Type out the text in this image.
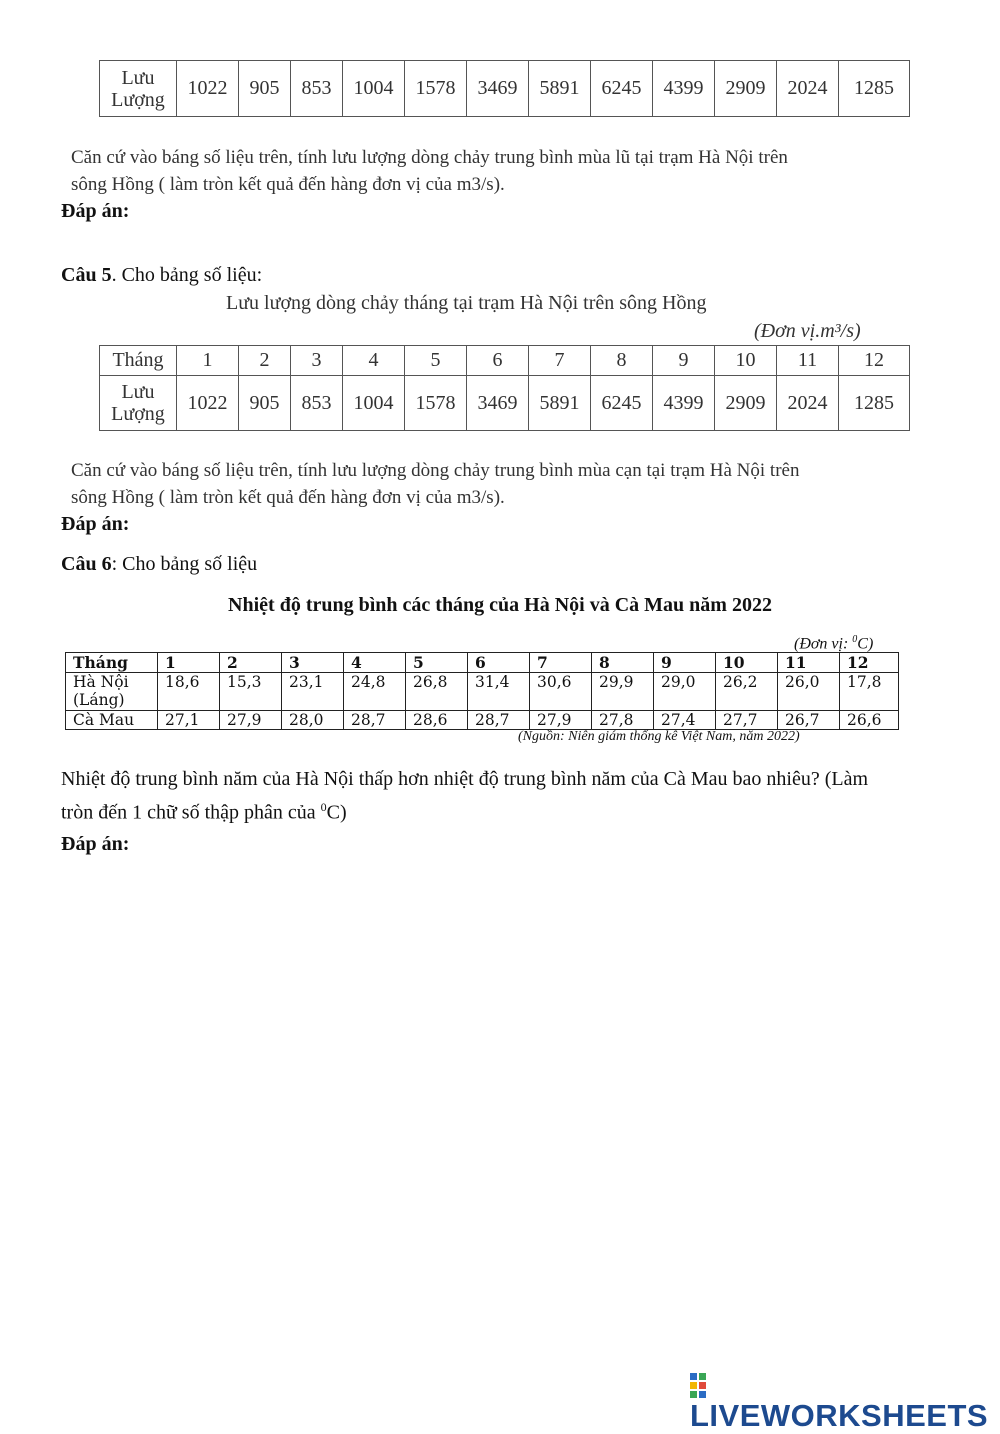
Lưu
Lượng	1022	905	853	1004	1578	3469	5891	6245	4399	2909	2024	1285
Căn cứ vào báng số liệu trên, tính lưu lượng dòng chảy trung bình mùa lũ tại trạm Hà Nội trên
sông Hồng ( làm tròn kết quả đến hàng đơn vị của m3/s).
Đáp án:
Câu 5. Cho bảng số liệu:
Lưu lượng dòng chảy tháng tại trạm Hà Nội trên sông Hồng
(Đơn vị.m³/s)
Tháng	1	2	3	4	5	6	7	8	9	10	11	12
Lưu
Lượng	1022	905	853	1004	1578	3469	5891	6245	4399	2909	2024	1285
Căn cứ vào báng số liệu trên, tính lưu lượng dòng chảy trung bình mùa cạn tại trạm Hà Nội trên
sông Hồng ( làm tròn kết quả đến hàng đơn vị của m3/s).
Đáp án:
Câu 6: Cho bảng số liệu
Nhiệt độ trung bình các tháng của Hà Nội và Cà Mau năm 2022
(Đơn vị: $^0$C)
Tháng	1	2	3	4	5	6	7	8	9	10	11	12
Hà Nội
(Láng)	18,6	15,3	23,1	24,8	26,8	31,4	30,6	29,9	29,0	26,2	26,0	17,8
Cà Mau	27,1	27,9	28,0	28,7	28,6	28,7	27,9	27,8	27,4	27,7	26,7	26,6
(Nguồn: Niên giám thống kê Việt Nam, năm 2022)
Nhiệt độ trung bình năm của Hà Nội thấp hơn nhiệt độ trung bình năm của Cà Mau bao nhiêu? (Làm
tròn đến 1 chữ số thập phân của $^0$C)
Đáp án:
LIVEWORKSHEETS
